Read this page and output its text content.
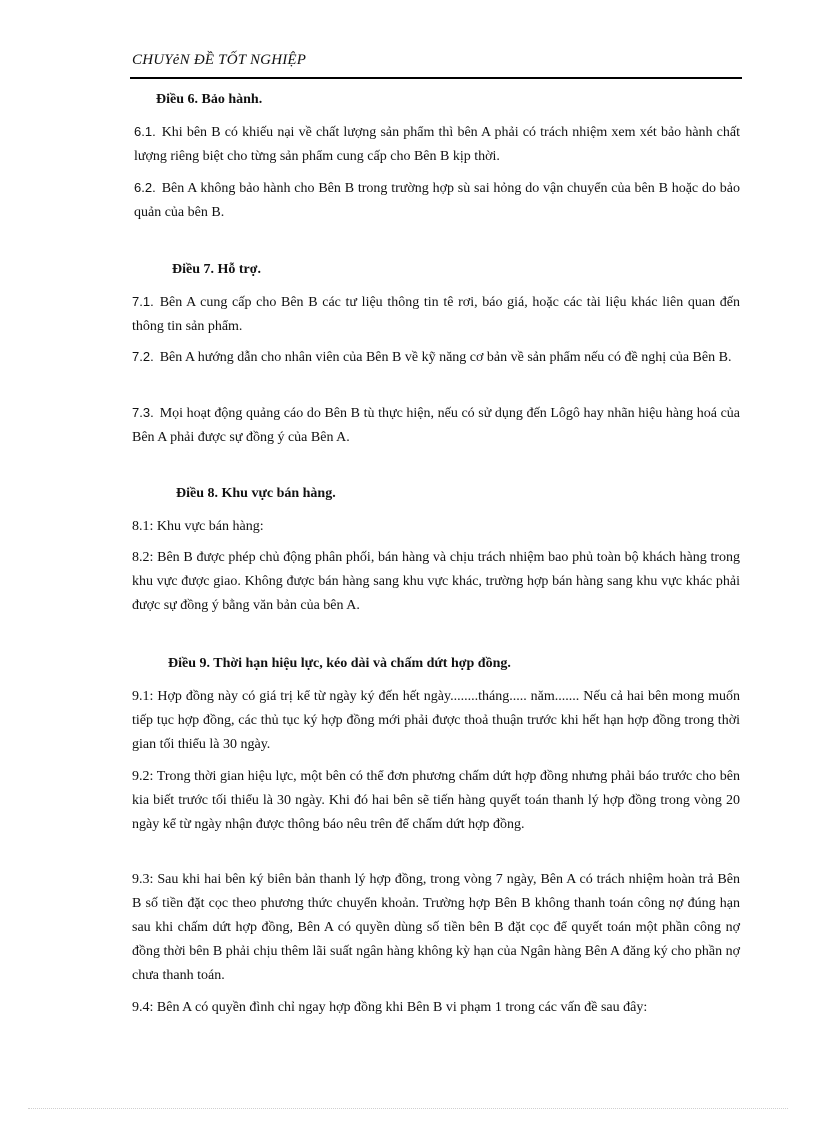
CHUYẻN ĐỀ TỐT NGHIỆP
Điều 6. Bảo hành.
6.1. Khi bên B có khiếu nại về chất lượng sản phẩm thì bên A phải có trách nhiệm xem xét bảo hành chất lượng riêng biệt cho từng sản phẩm cung cấp cho Bên B kịp thời.
6.2. Bên A không bảo hành cho Bên B trong trường hợp sù sai hỏng do vận chuyển của bên B hoặc do bảo quản của bên B.
Điều 7. Hỗ trợ.
7.1. Bên A cung cấp cho Bên B các tư liệu thông tin tê rơi, báo giá, hoặc các tài liệu khác liên quan đến thông tin sản phẩm.
7.2. Bên A hướng dẫn cho nhân viên của Bên B về kỹ năng cơ bản về sản phẩm nếu có đề nghị của Bên B.
7.3. Mọi hoạt động quảng cáo do Bên B tù thực hiện, nếu có sử dụng đến Lôgô hay nhãn hiệu hàng hoá của Bên A phải được sự đồng ý của Bên A.
Điều 8. Khu vực bán hàng.
8.1: Khu vực bán hàng:
8.2: Bên B được phép chủ động phân phối, bán hàng và chịu trách nhiệm bao phủ toàn bộ khách hàng trong khu vực được giao. Không được bán hàng sang khu vực khác, trường hợp bán hàng sang khu vực khác phải được sự đồng ý bằng văn bản của bên A.
Điều 9. Thời hạn hiệu lực, kéo dài và chấm dứt hợp đồng.
9.1: Hợp đồng này có giá trị kể từ ngày ký đến hết ngày........tháng..... năm....... Nếu cả hai bên mong muốn tiếp tục hợp đồng, các thủ tục ký hợp đồng mới phải được thoả thuận trước khi hết hạn hợp đồng trong thời gian tối thiểu là 30 ngày.
9.2: Trong thời gian hiệu lực, một bên có thể đơn phương chấm dứt hợp đồng nhưng phải báo trước cho bên kia biết trước tối thiểu là 30 ngày. Khi đó hai bên sẽ tiến hàng quyết toán thanh lý hợp đồng trong vòng 20 ngày kể từ ngày nhận được thông báo nêu trên để chấm dứt hợp đồng.
9.3: Sau khi hai bên ký biên bản thanh lý hợp đồng, trong vòng 7 ngày, Bên A có trách nhiệm hoàn trả Bên B số tiền đặt cọc theo phương thức chuyển khoản. Trường hợp Bên B không thanh toán công nợ đúng hạn sau khi chấm dứt hợp đồng, Bên A có quyền dùng số tiền bên B đặt cọc để quyết toán một phần công nợ đồng thời bên B phải chịu thêm lãi suất ngân hàng không kỳ hạn của Ngân hàng Bên A đăng ký cho phần nợ chưa thanh toán.
9.4: Bên A có quyền đình chỉ ngay hợp đồng khi Bên B vi phạm 1 trong các vấn đề sau đây:
